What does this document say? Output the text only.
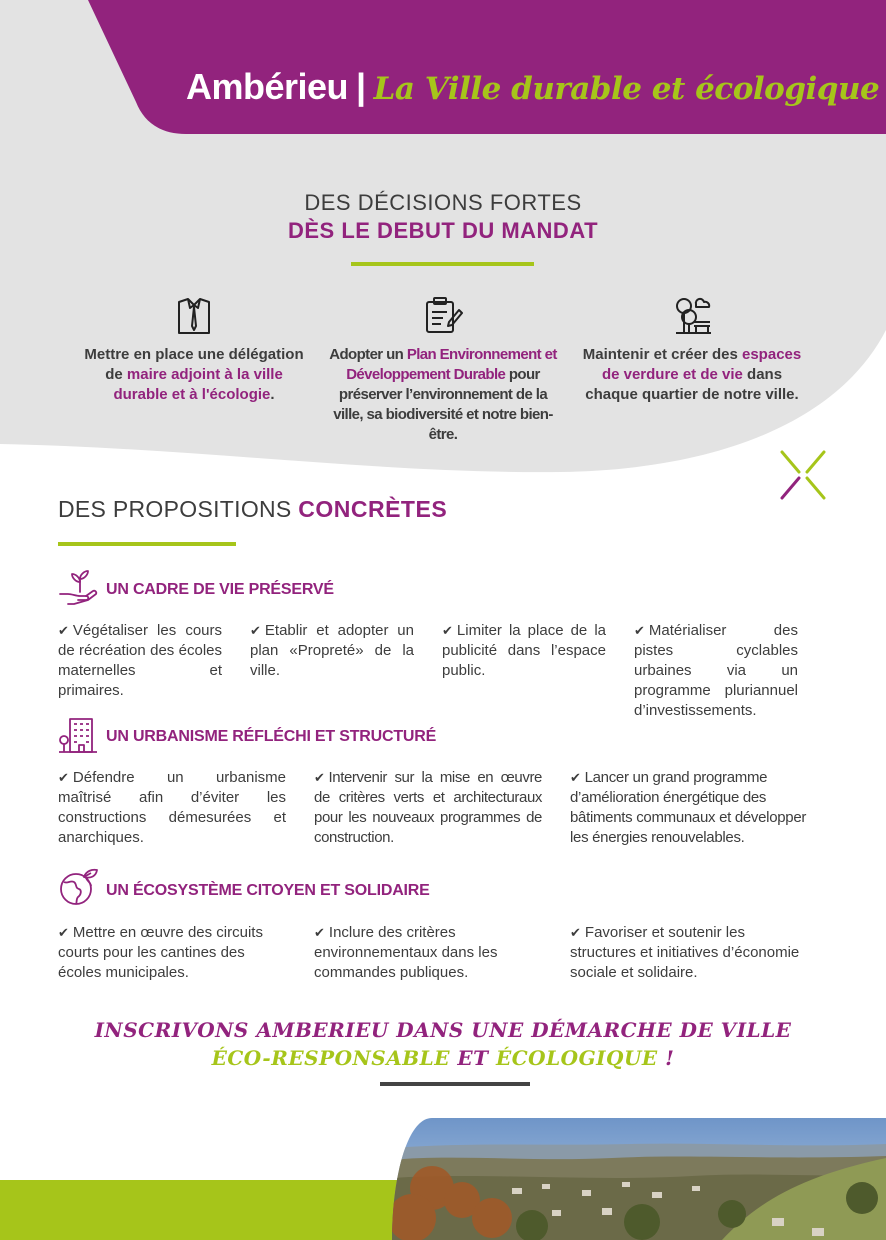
Ambérieu | La Ville durable et écologique
DES DÉCISIONS FORTES
DÈS LE DEBUT DU MANDAT
Mettre en place une délégation de maire adjoint à la ville durable et à l'écologie.
Adopter un Plan Environnement et Développement Durable pour préserver l’environnement de la ville, sa biodiversité et notre bien-être.
Maintenir et créer des espaces de verdure et de vie dans chaque quartier de notre ville.
DES PROPOSITIONS CONCRÈTES
UN CADRE DE VIE PRÉSERVÉ
✔ Végétaliser les cours de récréation des écoles maternelles et primaires.
✔ Etablir et adopter un plan «Propreté» de la ville.
✔ Limiter la place de la publicité dans l’espace public.
✔ Matérialiser des pistes cyclables urbaines via un programme pluriannuel d’investissements.
UN URBANISME RÉFLÉCHI ET STRUCTURÉ
✔ Défendre un urbanisme maîtrisé afin d’éviter les constructions démesurées et anarchiques.
✔ Intervenir sur la mise en œuvre de critères verts et architecturaux pour les nouveaux programmes de construction.
✔ Lancer un grand programme d’amélioration énergétique des bâtiments communaux et développer les énergies renouvelables.
UN ÉCOSYSTÈME CITOYEN ET SOLIDAIRE
✔ Mettre en œuvre des circuits courts pour les cantines des écoles municipales.
✔ Inclure des critères environnementaux dans les commandes publiques.
✔ Favoriser et soutenir les structures et initiatives d’économie sociale et solidaire.
INSCRIVONS AMBERIEU DANS UNE DÉMARCHE DE VILLE
ÉCO-RESPONSABLE ET ÉCOLOGIQUE !
